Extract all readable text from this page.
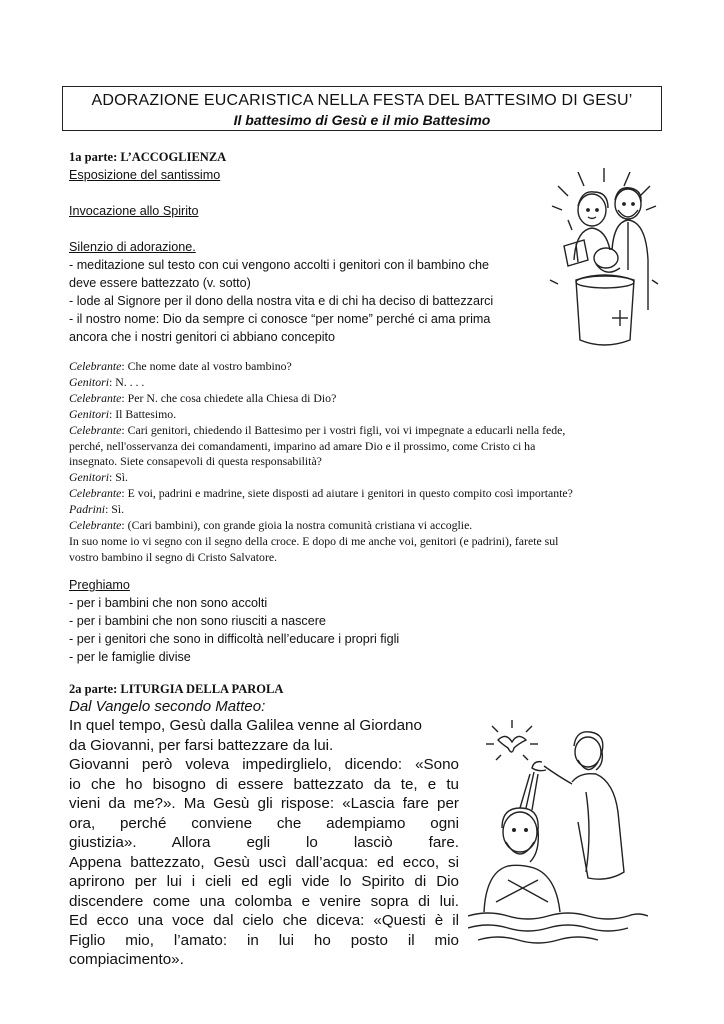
ADORAZIONE EUCARISTICA NELLA FESTA DEL BATTESIMO DI GESU’
Il battesimo di Gesù e il mio Battesimo
1a parte: L’ACCOGLIENZA
Esposizione del santissimo
Invocazione allo Spirito
Silenzio di adorazione.
- meditazione sul testo con cui vengono accolti i genitori con il bambino che
deve essere battezzato (v. sotto)
- lode al Signore per il dono della nostra vita e di chi ha deciso di battezzarci
- il nostro nome: Dio da sempre ci conosce “per nome” perché ci ama prima
ancora che i nostri genitori ci abbiano concepito
Celebrante: Che nome date al vostro bambino?
Genitori: N. . . .
Celebrante: Per N. che cosa chiedete alla Chiesa di Dio?
Genitori: Il Battesimo.
Celebrante: Cari genitori, chiedendo il Battesimo per i vostri figli, voi vi impegnate a educarli nella fede,
perché, nell'osservanza dei comandamenti, imparino ad amare Dio e il prossimo, come Cristo ci ha
insegnato. Siete consapevoli di questa responsabilità?
Genitori: Sì.
Celebrante: E voi, padrini e madrine, siete disposti ad aiutare i genitori in questo compito così importante?
Padrini: Sì.
Celebrante: (Cari bambini), con grande gioia la nostra comunità cristiana vi accoglie.
In suo nome io vi segno con il segno della croce. E dopo di me anche voi, genitori (e padrini), farete sul
vostro bambino il segno di Cristo Salvatore.
Preghiamo
- per i bambini che non sono accolti
- per i bambini che non sono riusciti a nascere
- per i genitori che sono in difficoltà nell’educare i propri figli
- per le famiglie divise
2a parte: LITURGIA DELLA PAROLA
Dal Vangelo secondo Matteo:
In quel tempo, Gesù dalla Galilea venne al Giordano
da Giovanni, per farsi battezzare da lui.
Giovanni però voleva impedirglielo, dicendo: «Sono
io che ho bisogno di essere battezzato da te, e tu
vieni da me?». Ma Gesù gli rispose: «Lascia fare per
ora, perché conviene che adempiamo ogni
giustizia». Allora egli lo lasciò fare.
Appena battezzato, Gesù uscì dall’acqua: ed ecco, si
aprirono per lui i cieli ed egli vide lo Spirito di Dio
discendere come una colomba e venire sopra di lui.
Ed ecco una voce dal cielo che diceva: «Questi è il
Figlio mio, l’amato: in lui ho posto il mio
compiacimento».
